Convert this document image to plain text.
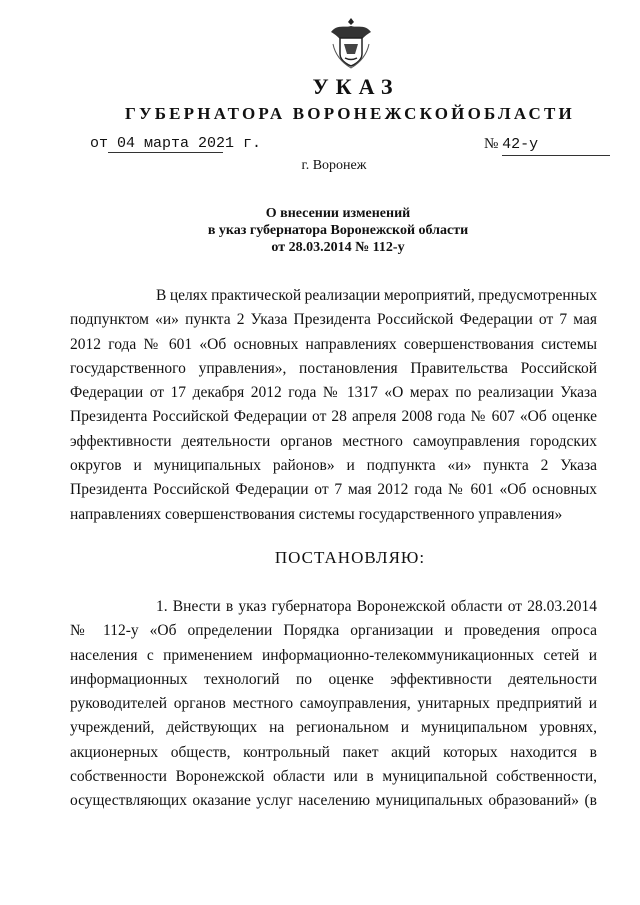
УКАЗ
ГУБЕРНАТОРА ВОРОНЕЖСКОЙОБЛАСТИ
от 04 марта 2021 г.	№ 42-у
г. Воронеж
О внесении изменений
в указ губернатора Воронежской области
от 28.03.2014 № 112-у
В целях практической реализации мероприятий, предусмотренных
подпунктом «и» пункта 2 Указа Президента Российской Федерации от 7 мая
2012 года № 601 «Об основных направлениях совершенствования системы
государственного управления», постановления Правительства Российской
Федерации от 17 декабря 2012 года № 1317 «О мерах по реализации Указа
Президента Российской Федерации от 28 апреля 2008 года № 607 «Об оценке
эффективности деятельности органов местного самоуправления городских
округов и муниципальных районов» и подпункта «и» пункта 2 Указа
Президента Российской Федерации от 7 мая 2012 года № 601 «Об основных
направлениях совершенствования системы государственного управления»
ПОСТАНОВЛЯЮ:
1. Внести в указ губернатора Воронежской области от 28.03.2014
№ 112-у «Об определении Порядка организации и проведения опроса
населения с применением информационно-телекоммуникационных сетей и
информационных технологий по оценке эффективности деятельности
руководителей органов местного самоуправления, унитарных предприятий и
учреждений, действующих на региональном и муниципальном уровнях,
акционерных обществ, контрольный пакет акций которых находится в
собственности Воронежской области или в муниципальной собственности,
осуществляющих оказание услуг населению муниципальных образований» (в
